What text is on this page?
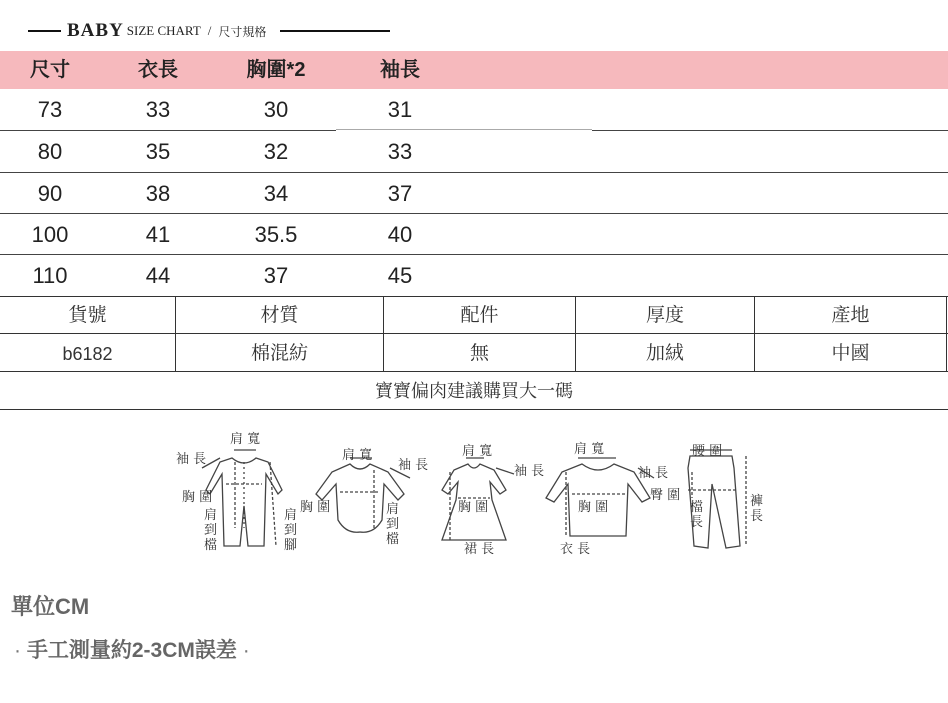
BABY SIZE CHART / 尺寸規格
尺寸	衣長	胸圍*2	袖長
73	33	30	31
80	35	32	33
90	38	34	37
100	41	35.5	40
110	44	37	45
貨號	材質	配件	厚度	產地
b6182	棉混紡	無	加絨	中國
寶寶偏肉建議購買大一碼
肩 寬
袖 長
胸 圍
肩到檔
肩到腳
肩 寬
袖 長
胸 圍	肩到檔
肩 寬
袖 長
胸 圍
裙 長
肩 寬
袖 長
胸 圍
衣 長
腰 圍
臀 圍
檔長
褲長
單位CM
· 手工測量約2-3CM誤差 ·
